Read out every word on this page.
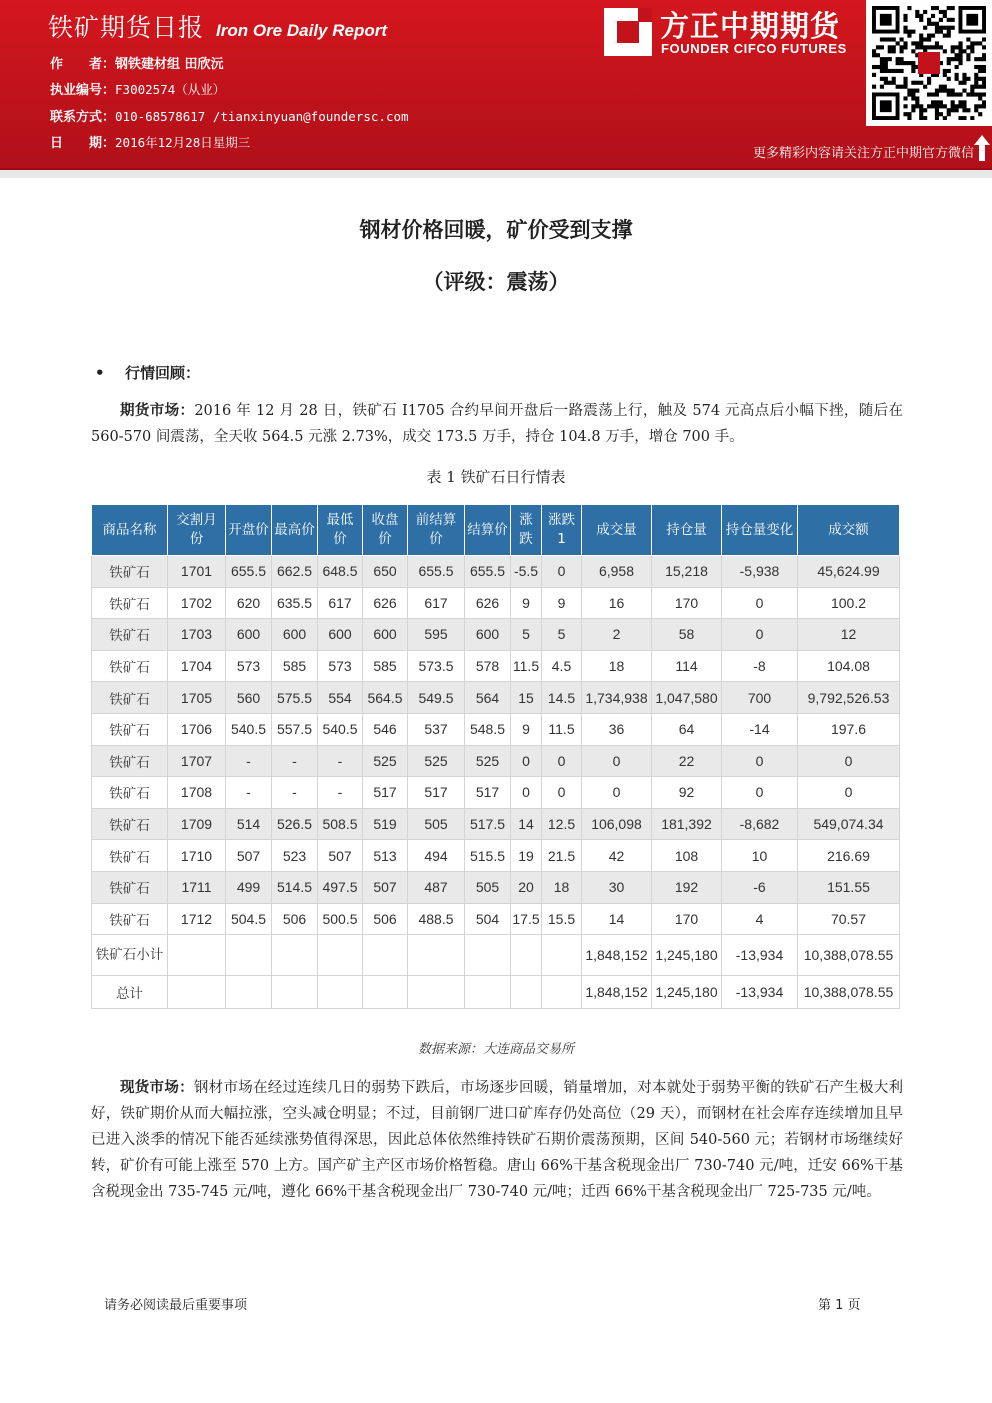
铁矿期货日报 Iron Ore Daily Report
作　　者：钢铁建材组 田欣沅
执业编号：F3002574（从业）
联系方式：010-68578617 /tianxinyuan@foundersc.com
日　　期：2016年12月28日星期三
方正中期期货
FOUNDER CIFCO FUTURES
更多精彩内容请关注方正中期官方微信
钢材价格回暖，矿价受到支撑
（评级：震荡）
• 行情回顾：
期货市场：2016 年 12 月 28 日，铁矿石 I1705 合约早间开盘后一路震荡上行，触及 574 元高点后小幅下挫，随后在 560-570 间震荡，全天收 564.5 元涨 2.73%，成交 173.5 万手，持仓 104.8 万手，增仓 700 手。
表 1 铁矿石日行情表
商品名称	交割月份	开盘价	最高价	最低价	收盘价	前结算价	结算价	涨跌	涨跌1	成交量	持仓量	持仓量变化	成交额
铁矿石	1701	655.5	662.5	648.5	650	655.5	655.5	-5.5	0	6,958	15,218	-5,938	45,624.99
铁矿石	1702	620	635.5	617	626	617	626	9	9	16	170	0	100.2
铁矿石	1703	600	600	600	600	595	600	5	5	2	58	0	12
铁矿石	1704	573	585	573	585	573.5	578	11.5	4.5	18	114	-8	104.08
铁矿石	1705	560	575.5	554	564.5	549.5	564	15	14.5	1,734,938	1,047,580	700	9,792,526.53
铁矿石	1706	540.5	557.5	540.5	546	537	548.5	9	11.5	36	64	-14	197.6
铁矿石	1707	-	-	-	525	525	525	0	0	0	22	0	0
铁矿石	1708	-	-	-	517	517	517	0	0	0	92	0	0
铁矿石	1709	514	526.5	508.5	519	505	517.5	14	12.5	106,098	181,392	-8,682	549,074.34
铁矿石	1710	507	523	507	513	494	515.5	19	21.5	42	108	10	216.69
铁矿石	1711	499	514.5	497.5	507	487	505	20	18	30	192	-6	151.55
铁矿石	1712	504.5	506	500.5	506	488.5	504	17.5	15.5	14	170	4	70.57
铁矿石小计										1,848,152	1,245,180	-13,934	10,388,078.55
总计										1,848,152	1,245,180	-13,934	10,388,078.55
数据来源：大连商品交易所
现货市场：钢材市场在经过连续几日的弱势下跌后，市场逐步回暖，销量增加，对本就处于弱势平衡的铁矿石产生极大利好，铁矿期价从而大幅拉涨，空头减仓明显；不过，目前钢厂进口矿库存仍处高位（29 天），而钢材在社会库存连续增加且早已进入淡季的情况下能否延续涨势值得深思，因此总体依然维持铁矿石期价震荡预期，区间 540-560 元；若钢材市场继续好转，矿价有可能上涨至 570 上方。国产矿主产区市场价格暂稳。唐山 66%干基含税现金出厂 730-740 元/吨，迁安 66%干基含税现金出 735-745 元/吨，遵化 66%干基含税现金出厂 730-740 元/吨；迁西 66%干基含税现金出厂 725-735 元/吨。
请务必阅读最后重要事项	第 1 页
